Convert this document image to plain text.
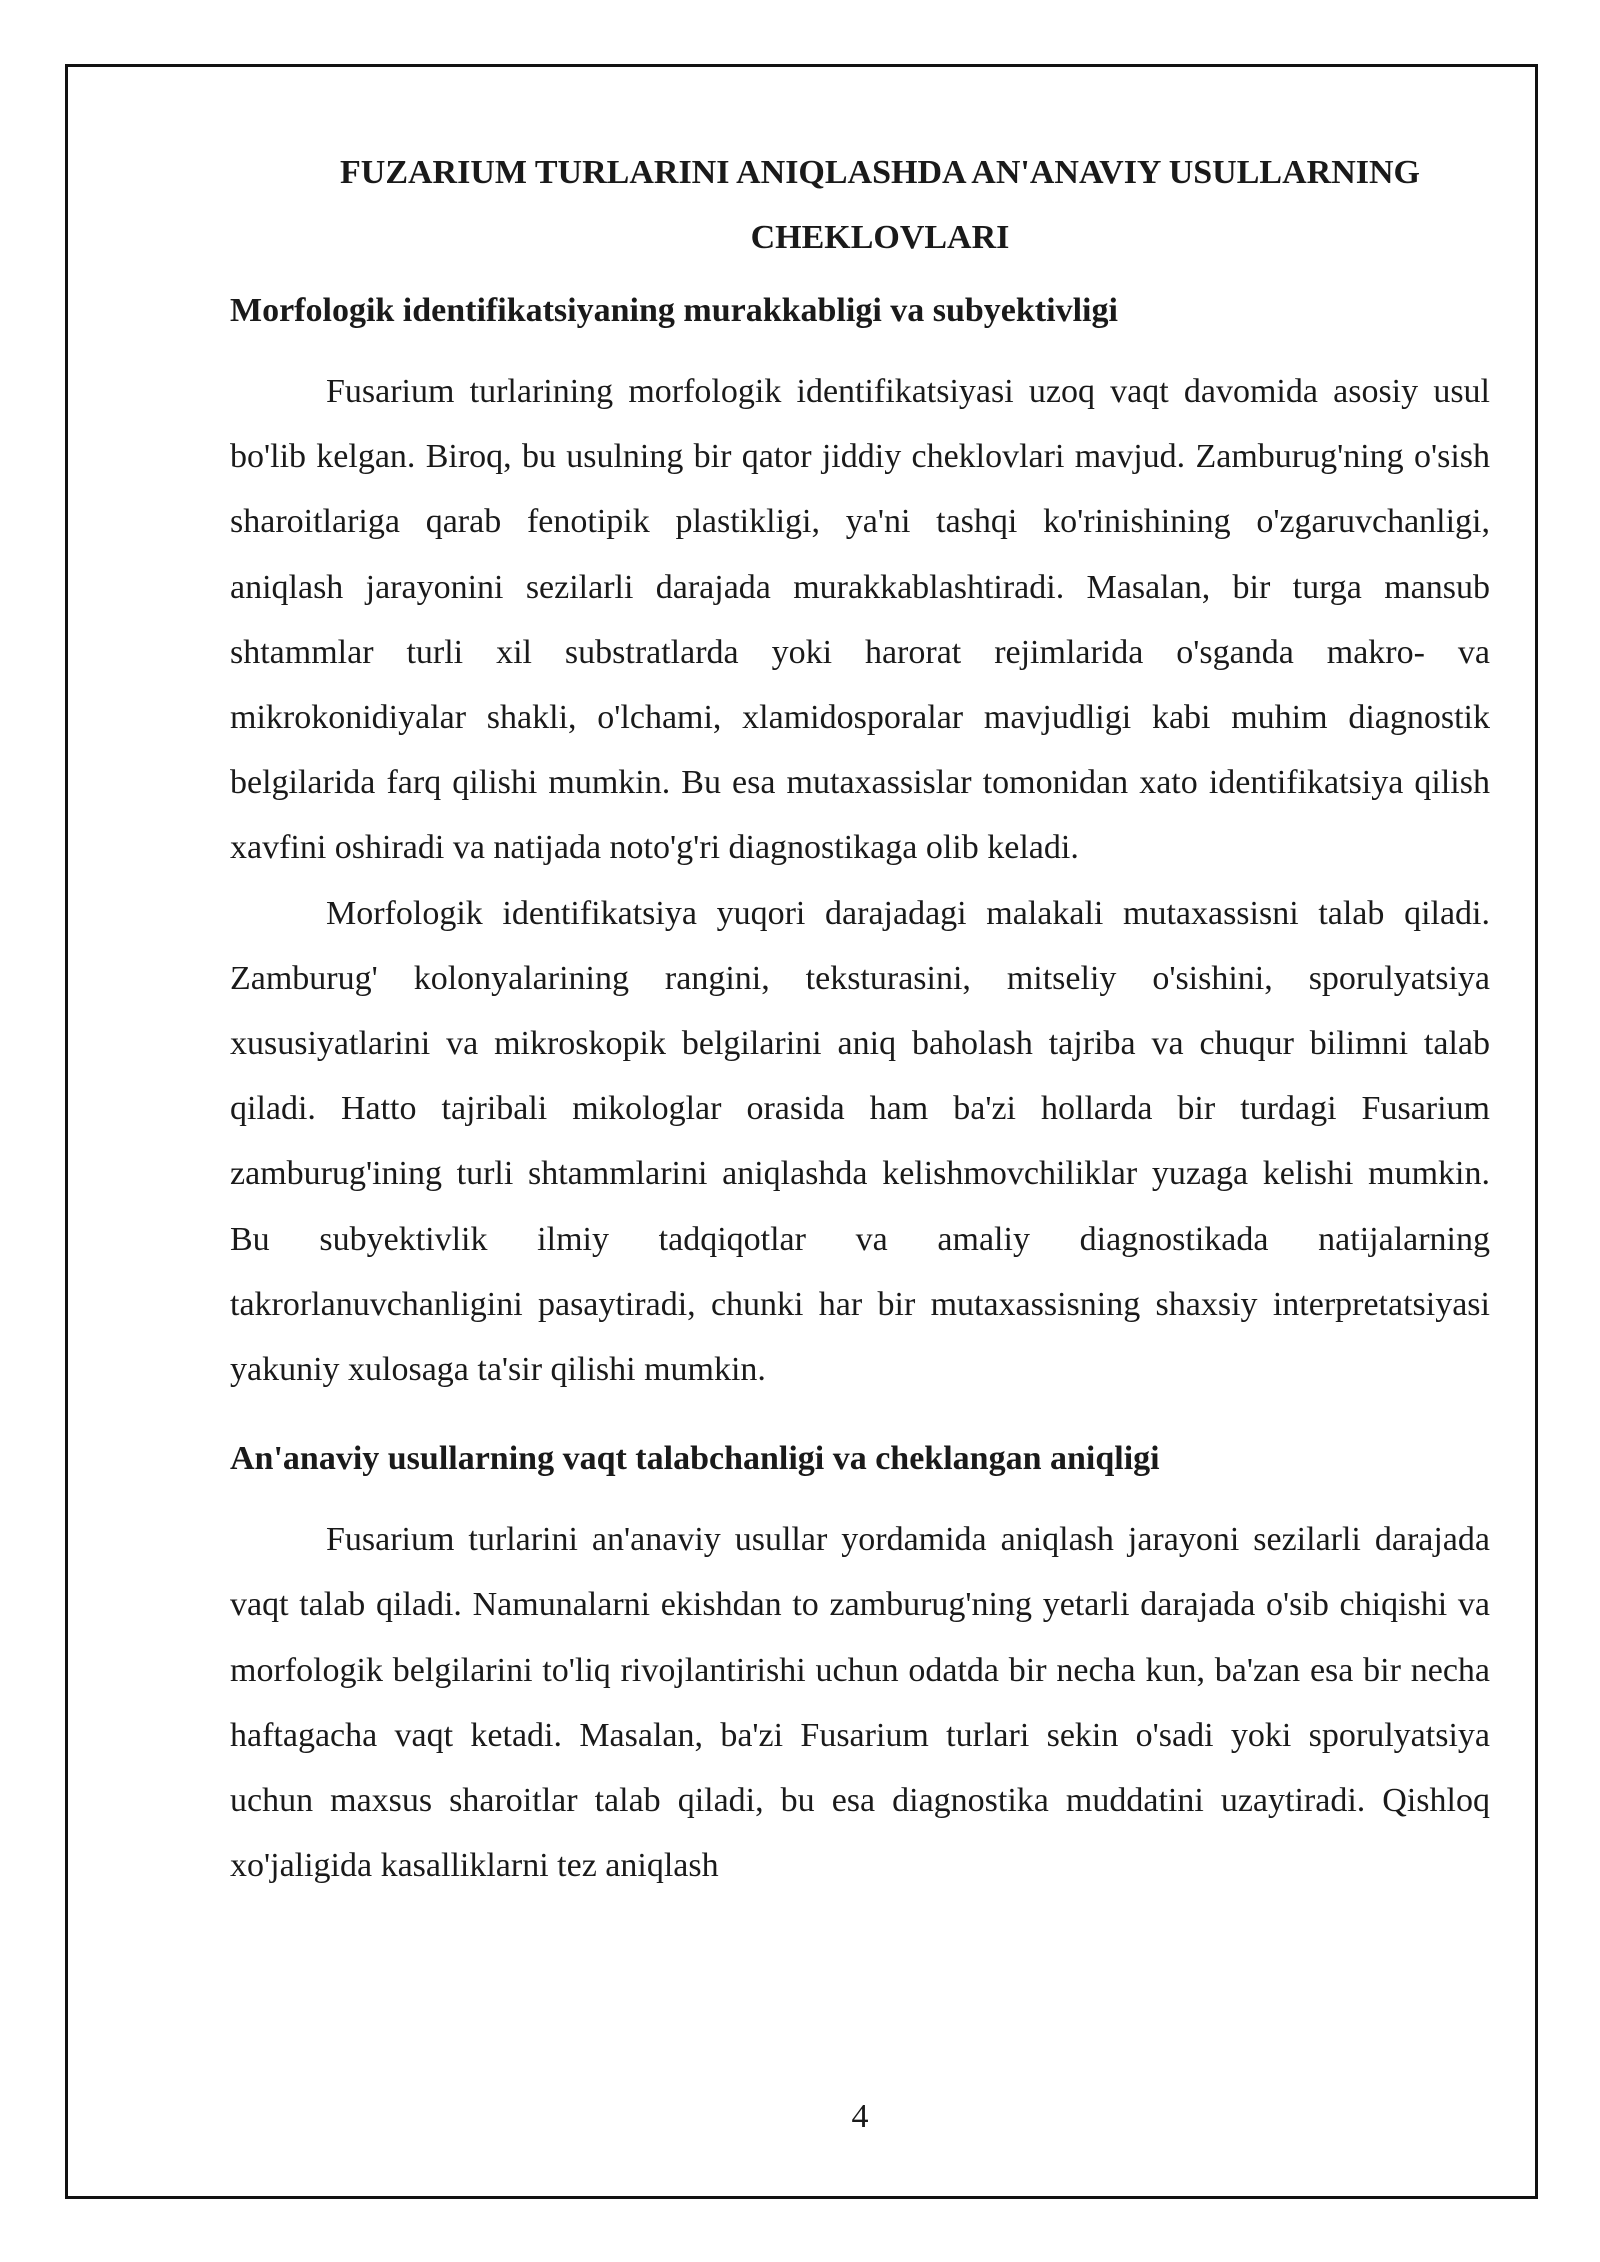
FUZARIUM TURLARINI ANIQLASHDA AN'ANAVIY USULLARNING CHEKLOVLARI
Morfologik identifikatsiyaning murakkabligi va subyektivligi

Fusarium turlarining morfologik identifikatsiyasi uzoq vaqt davomida asosiy usul bo'lib kelgan. Biroq, bu usulning bir qator jiddiy cheklovlari mavjud. Zamburug'ning o'sish sharoitlariga qarab fenotipik plastikligi, ya'ni tashqi ko'rinishining o'zgaruvchanligi, aniqlash jarayonini sezilarli darajada murakkablashtiradi. Masalan, bir turga mansub shtammlar turli xil substratlarda yoki harorat rejimlarida o'sganda makro- va mikrokonidiyalar shakli, o'lchami, xlamidosporalar mavjudligi kabi muhim diagnostik belgilarida farq qilishi mumkin. Bu esa mutaxassislar tomonidan xato identifikatsiya qilish xavfini oshiradi va natijada noto'g'ri diagnostikaga olib keladi.

Morfologik identifikatsiya yuqori darajadagi malakali mutaxassisni talab qiladi. Zamburug' kolonyalarining rangini, teksturasini, mitseliy o'sishini, sporulyatsiya xususiyatlarini va mikroskopik belgilarini aniq baholash tajriba va chuqur bilimni talab qiladi. Hatto tajribali mikologlar orasida ham ba'zi hollarda bir turdagi Fusarium zamburug'ining turli shtammlarini aniqlashda kelishmovchiliklar yuzaga kelishi mumkin. Bu subyektivlik ilmiy tadqiqotlar va amaliy diagnostikada natijalarning takrorlanuvchanligini pasaytiradi, chunki har bir mutaxassisning shaxsiy interpretatsiyasi yakuniy xulosaga ta'sir qilishi mumkin.

An'anaviy usullarning vaqt talabchanligi va cheklangan aniqligi

Fusarium turlarini an'anaviy usullar yordamida aniqlash jarayoni sezilarli darajada vaqt talab qiladi. Namunalarni ekishdan to zamburug'ning yetarli darajada o'sib chiqishi va morfologik belgilarini to'liq rivojlantirishi uchun odatda bir necha kun, ba'zan esa bir necha haftagacha vaqt ketadi. Masalan, ba'zi Fusarium turlari sekin o'sadi yoki sporulyatsiya uchun maxsus sharoitlar talab qiladi, bu esa diagnostika muddatini uzaytiradi. Qishloq xo'jaligida kasalliklarni tez aniqlash

4
